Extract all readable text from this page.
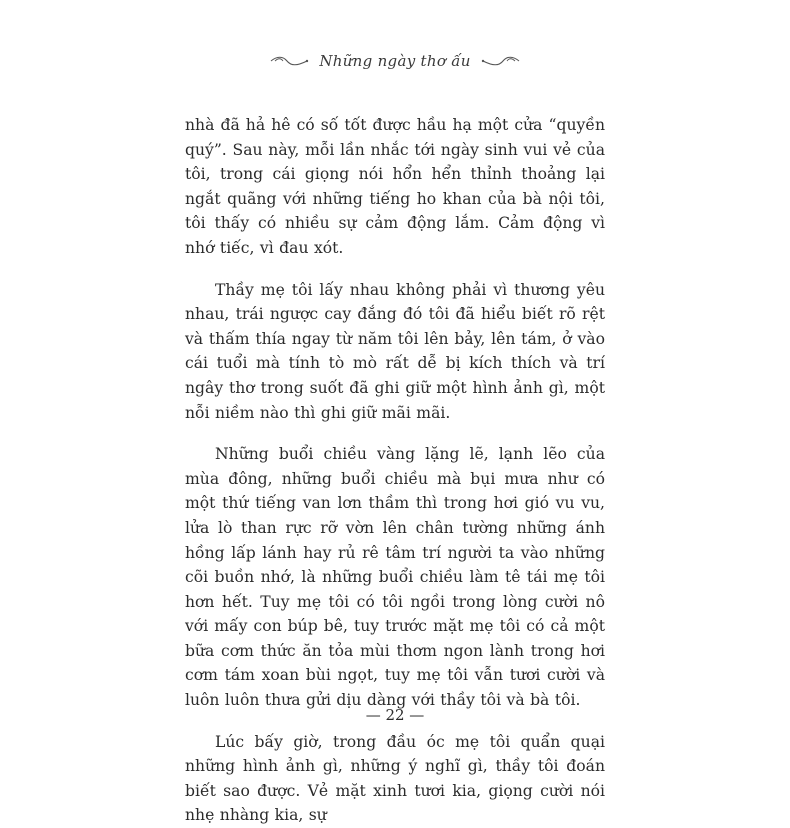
Những ngày thơ ấu

nhà đã hả hê có số tốt được hầu hạ một cửa “quyền quý”. Sau này, mỗi lần nhắc tới ngày sinh vui vẻ của tôi, trong cái giọng nói hổn hển thỉnh thoảng lại ngắt quãng với những tiếng ho khan của bà nội tôi, tôi thấy có nhiều sự cảm động lắm. Cảm động vì nhớ tiếc, vì đau xót.

Thầy mẹ tôi lấy nhau không phải vì thương yêu nhau, trái ngược cay đắng đó tôi đã hiểu biết rõ rệt và thấm thía ngay từ năm tôi lên bảy, lên tám, ở vào cái tuổi mà tính tò mò rất dễ bị kích thích và trí ngây thơ trong suốt đã ghi giữ một hình ảnh gì, một nỗi niềm nào thì ghi giữ mãi mãi.

Những buổi chiều vàng lặng lẽ, lạnh lẽo của mùa đông, những buổi chiều mà bụi mưa như có một thứ tiếng van lơn thầm thì trong hơi gió vu vu, lửa lò than rực rỡ vờn lên chân tường những ánh hồng lấp lánh hay rủ rê tâm trí người ta vào những cõi buồn nhớ, là những buổi chiều làm tê tái mẹ tôi hơn hết. Tuy mẹ tôi có tôi ngồi trong lòng cười nô với mấy con búp bê, tuy trước mặt mẹ tôi có cả một bữa cơm thức ăn tỏa mùi thơm ngon lành trong hơi cơm tám xoan bùi ngọt, tuy mẹ tôi vẫn tươi cười và luôn luôn thưa gửi dịu dàng với thầy tôi và bà tôi.

Lúc bấy giờ, trong đầu óc mẹ tôi quẩn quại những hình ảnh gì, những ý nghĩ gì, thầy tôi đoán biết sao được. Vẻ mặt xinh tươi kia, giọng cười nói nhẹ nhàng kia, sự

— 22 —
